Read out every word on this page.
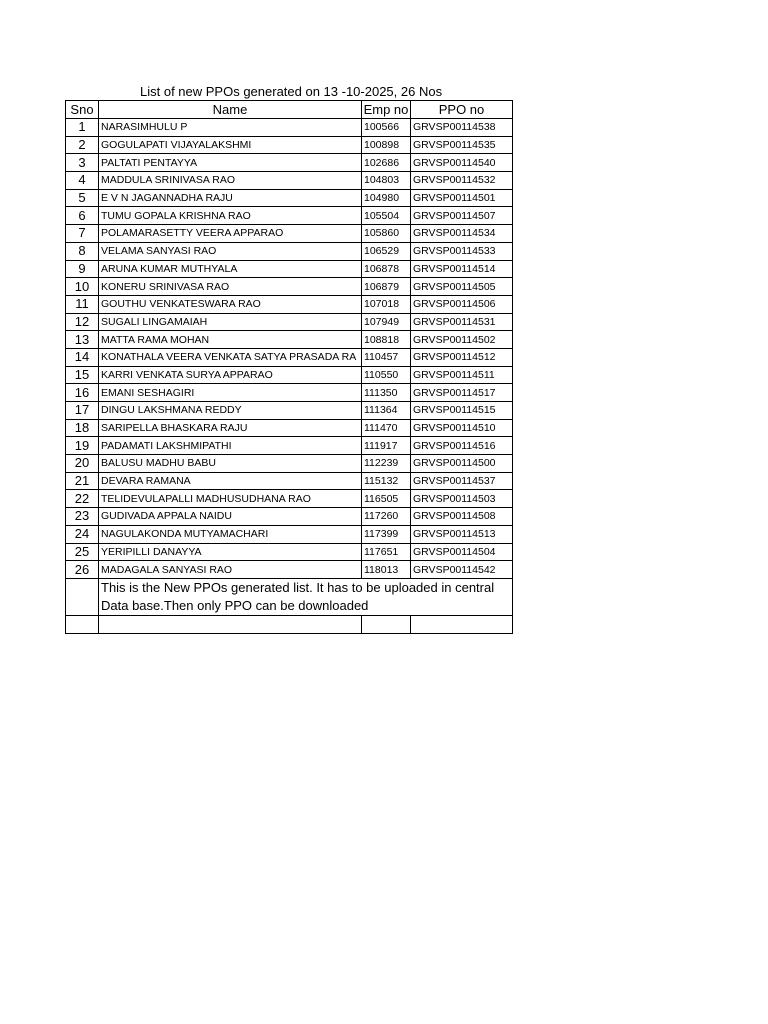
List of new PPOs generated on 13 -10-2025, 26 Nos
Sno	Name	Emp no	PPO no
1	NARASIMHULU P	100566	GRVSP00114538
2	GOGULAPATI VIJAYALAKSHMI	100898	GRVSP00114535
3	PALTATI PENTAYYA	102686	GRVSP00114540
4	MADDULA SRINIVASA RAO	104803	GRVSP00114532
5	E V N JAGANNADHA RAJU	104980	GRVSP00114501
6	TUMU GOPALA KRISHNA RAO	105504	GRVSP00114507
7	POLAMARASETTY VEERA APPARAO	105860	GRVSP00114534
8	VELAMA SANYASI RAO	106529	GRVSP00114533
9	ARUNA KUMAR MUTHYALA	106878	GRVSP00114514
10	KONERU SRINIVASA RAO	106879	GRVSP00114505
11	GOUTHU VENKATESWARA RAO	107018	GRVSP00114506
12	SUGALI LINGAMAIAH	107949	GRVSP00114531
13	MATTA RAMA MOHAN	108818	GRVSP00114502
14	KONATHALA VEERA VENKATA SATYA PRASADA RA	110457	GRVSP00114512
15	KARRI VENKATA SURYA APPARAO	110550	GRVSP00114511
16	EMANI SESHAGIRI	111350	GRVSP00114517
17	DINGU LAKSHMANA REDDY	111364	GRVSP00114515
18	SARIPELLA BHASKARA RAJU	111470	GRVSP00114510
19	PADAMATI LAKSHMIPATHI	111917	GRVSP00114516
20	BALUSU MADHU BABU	112239	GRVSP00114500
21	DEVARA RAMANA	115132	GRVSP00114537
22	TELIDEVULAPALLI MADHUSUDHANA RAO	116505	GRVSP00114503
23	GUDIVADA APPALA NAIDU	117260	GRVSP00114508
24	NAGULAKONDA MUTYAMACHARI	117399	GRVSP00114513
25	YERIPILLI DANAYYA	117651	GRVSP00114504
26	MADAGALA SANYASI RAO	118013	GRVSP00114542
	This is the New PPOs generated list. It has to be uploaded in central Data base.Then only PPO can be downloaded		
